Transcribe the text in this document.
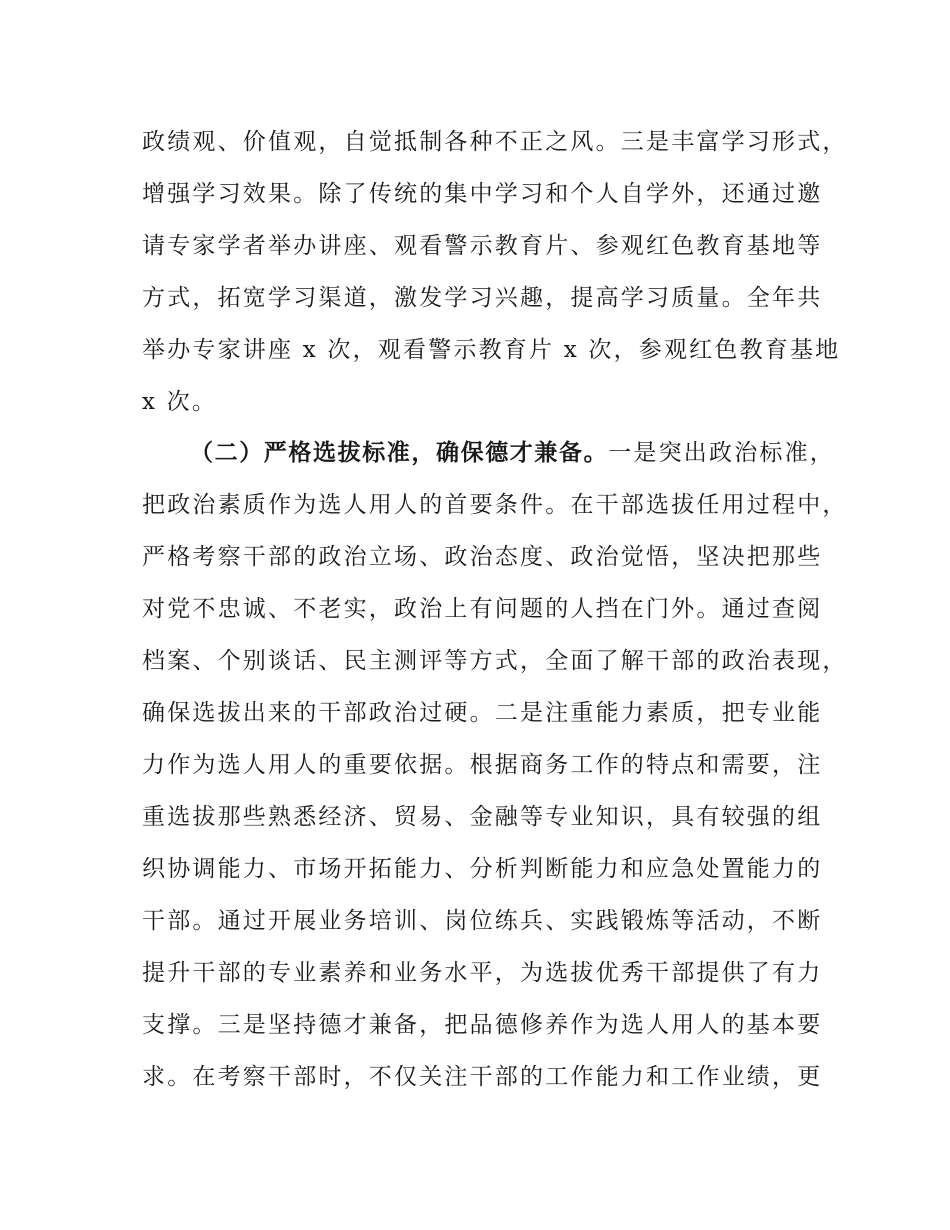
政绩观、价值观，自觉抵制各种不正之风。三是丰富学习形式，
增强学习效果。除了传统的集中学习和个人自学外，还通过邀
请专家学者举办讲座、观看警示教育片、参观红色教育基地等
方式，拓宽学习渠道，激发学习兴趣，提高学习质量。全年共
举办专家讲座 x 次，观看警示教育片 x 次，参观红色教育基地
x 次。
（二）严格选拔标准，确保德才兼备。一是突出政治标准，
把政治素质作为选人用人的首要条件。在干部选拔任用过程中，
严格考察干部的政治立场、政治态度、政治觉悟，坚决把那些
对党不忠诚、不老实，政治上有问题的人挡在门外。通过查阅
档案、个别谈话、民主测评等方式，全面了解干部的政治表现，
确保选拔出来的干部政治过硬。二是注重能力素质，把专业能
力作为选人用人的重要依据。根据商务工作的特点和需要，注
重选拔那些熟悉经济、贸易、金融等专业知识，具有较强的组
织协调能力、市场开拓能力、分析判断能力和应急处置能力的
干部。通过开展业务培训、岗位练兵、实践锻炼等活动，不断
提升干部的专业素养和业务水平，为选拔优秀干部提供了有力
支撑。三是坚持德才兼备，把品德修养作为选人用人的基本要
求。在考察干部时，不仅关注干部的工作能力和工作业绩，更
